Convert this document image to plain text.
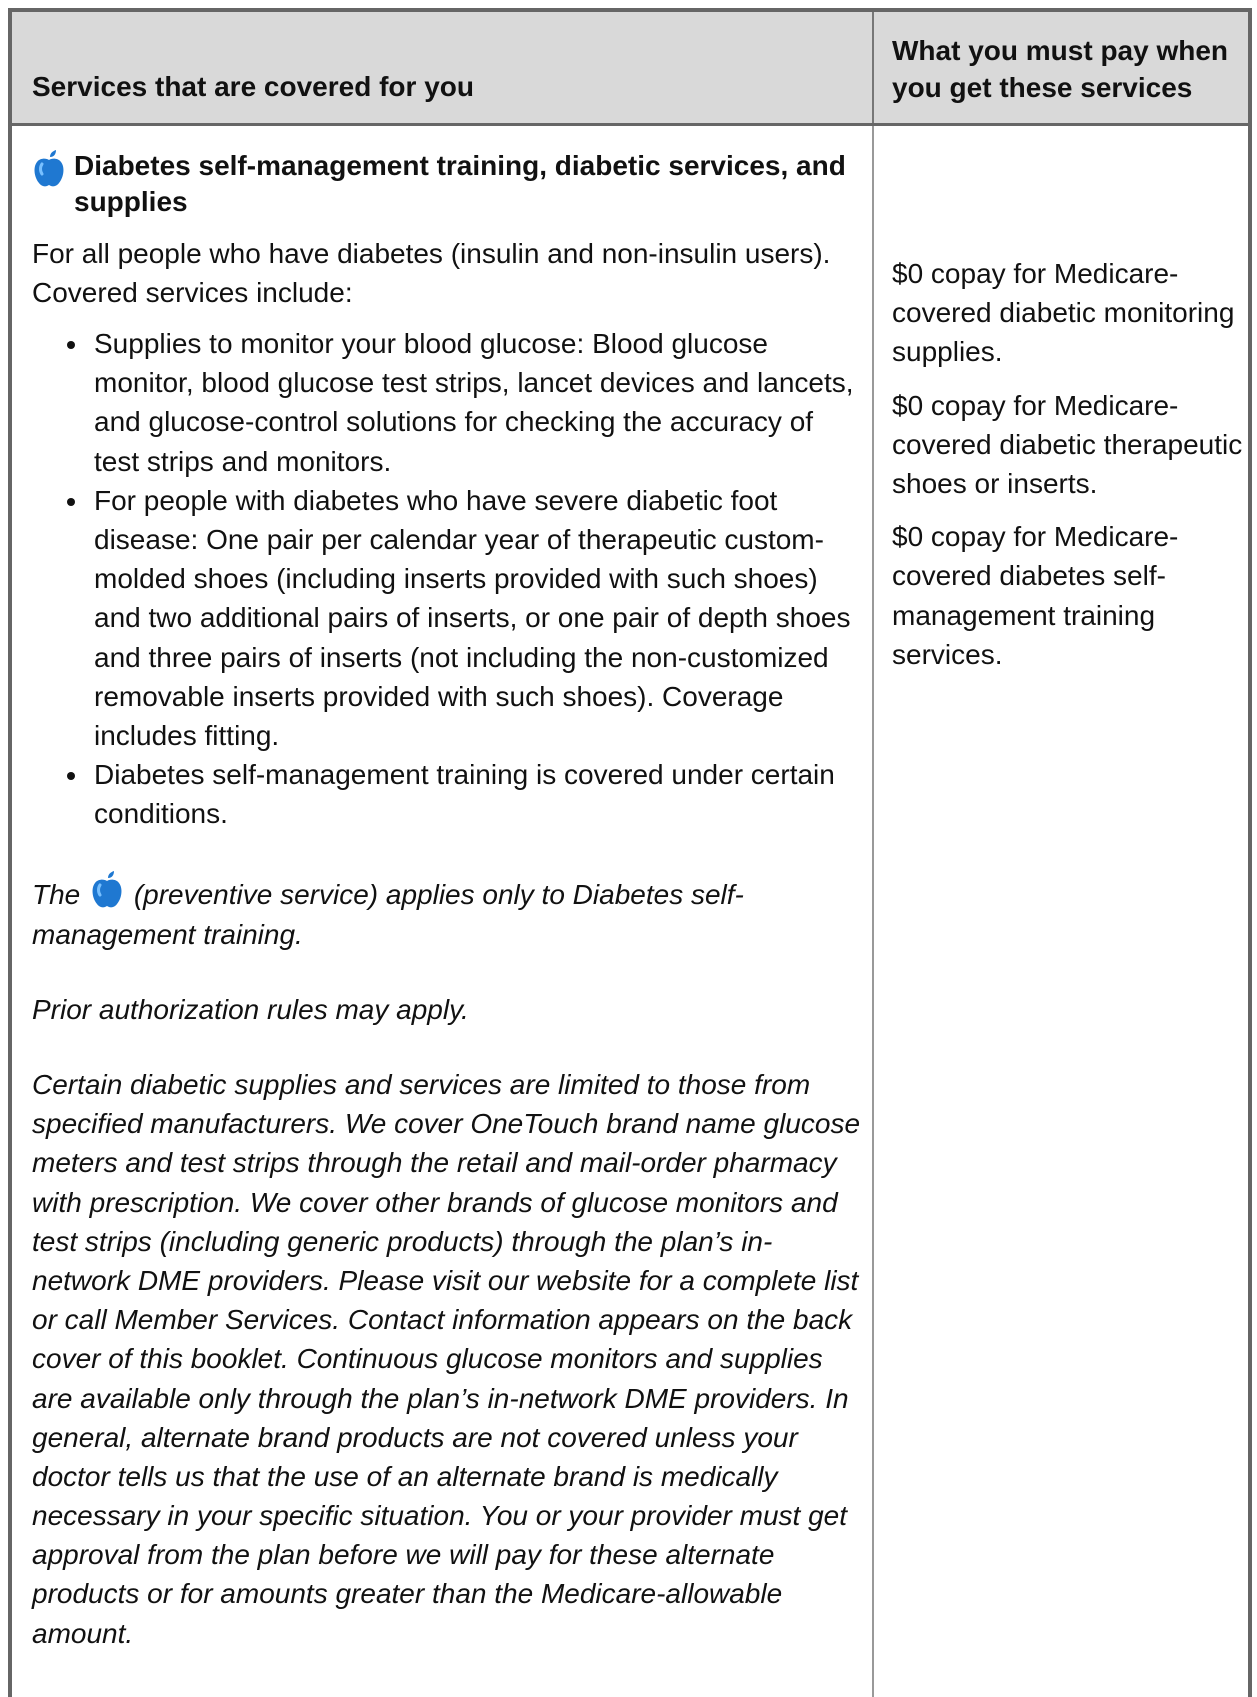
Services that are covered for you
What you must pay when you get these services
Diabetes self-management training, diabetic services, and supplies

For all people who have diabetes (insulin and non-insulin users). Covered services include:

• Supplies to monitor your blood glucose: Blood glucose monitor, blood glucose test strips, lancet devices and lancets, and glucose-control solutions for checking the accuracy of test strips and monitors.
• For people with diabetes who have severe diabetic foot disease: One pair per calendar year of therapeutic custom-molded shoes (including inserts provided with such shoes) and two additional pairs of inserts, or one pair of depth shoes and three pairs of inserts (not including the non-customized removable inserts provided with such shoes). Coverage includes fitting.
• Diabetes self-management training is covered under certain conditions.

The  (preventive service) applies only to Diabetes self-management training.

Prior authorization rules may apply.

Certain diabetic supplies and services are limited to those from specified manufacturers. We cover OneTouch brand name glucose meters and test strips through the retail and mail-order pharmacy with prescription. We cover other brands of glucose monitors and test strips (including generic products) through the plan’s in-network DME providers. Please visit our website for a complete list or call Member Services. Contact information appears on the back cover of this booklet. Continuous glucose monitors and supplies are available only through the plan’s in-network DME providers. In general, alternate brand products are not covered unless your doctor tells us that the use of an alternate brand is medically necessary in your specific situation. You or your provider must get approval from the plan before we will pay for these alternate products or for amounts greater than the Medicare-allowable amount.

$0 copay for Medicare-covered diabetic monitoring supplies.

$0 copay for Medicare-covered diabetic therapeutic shoes or inserts.

$0 copay for Medicare-covered diabetes self-management training services.
